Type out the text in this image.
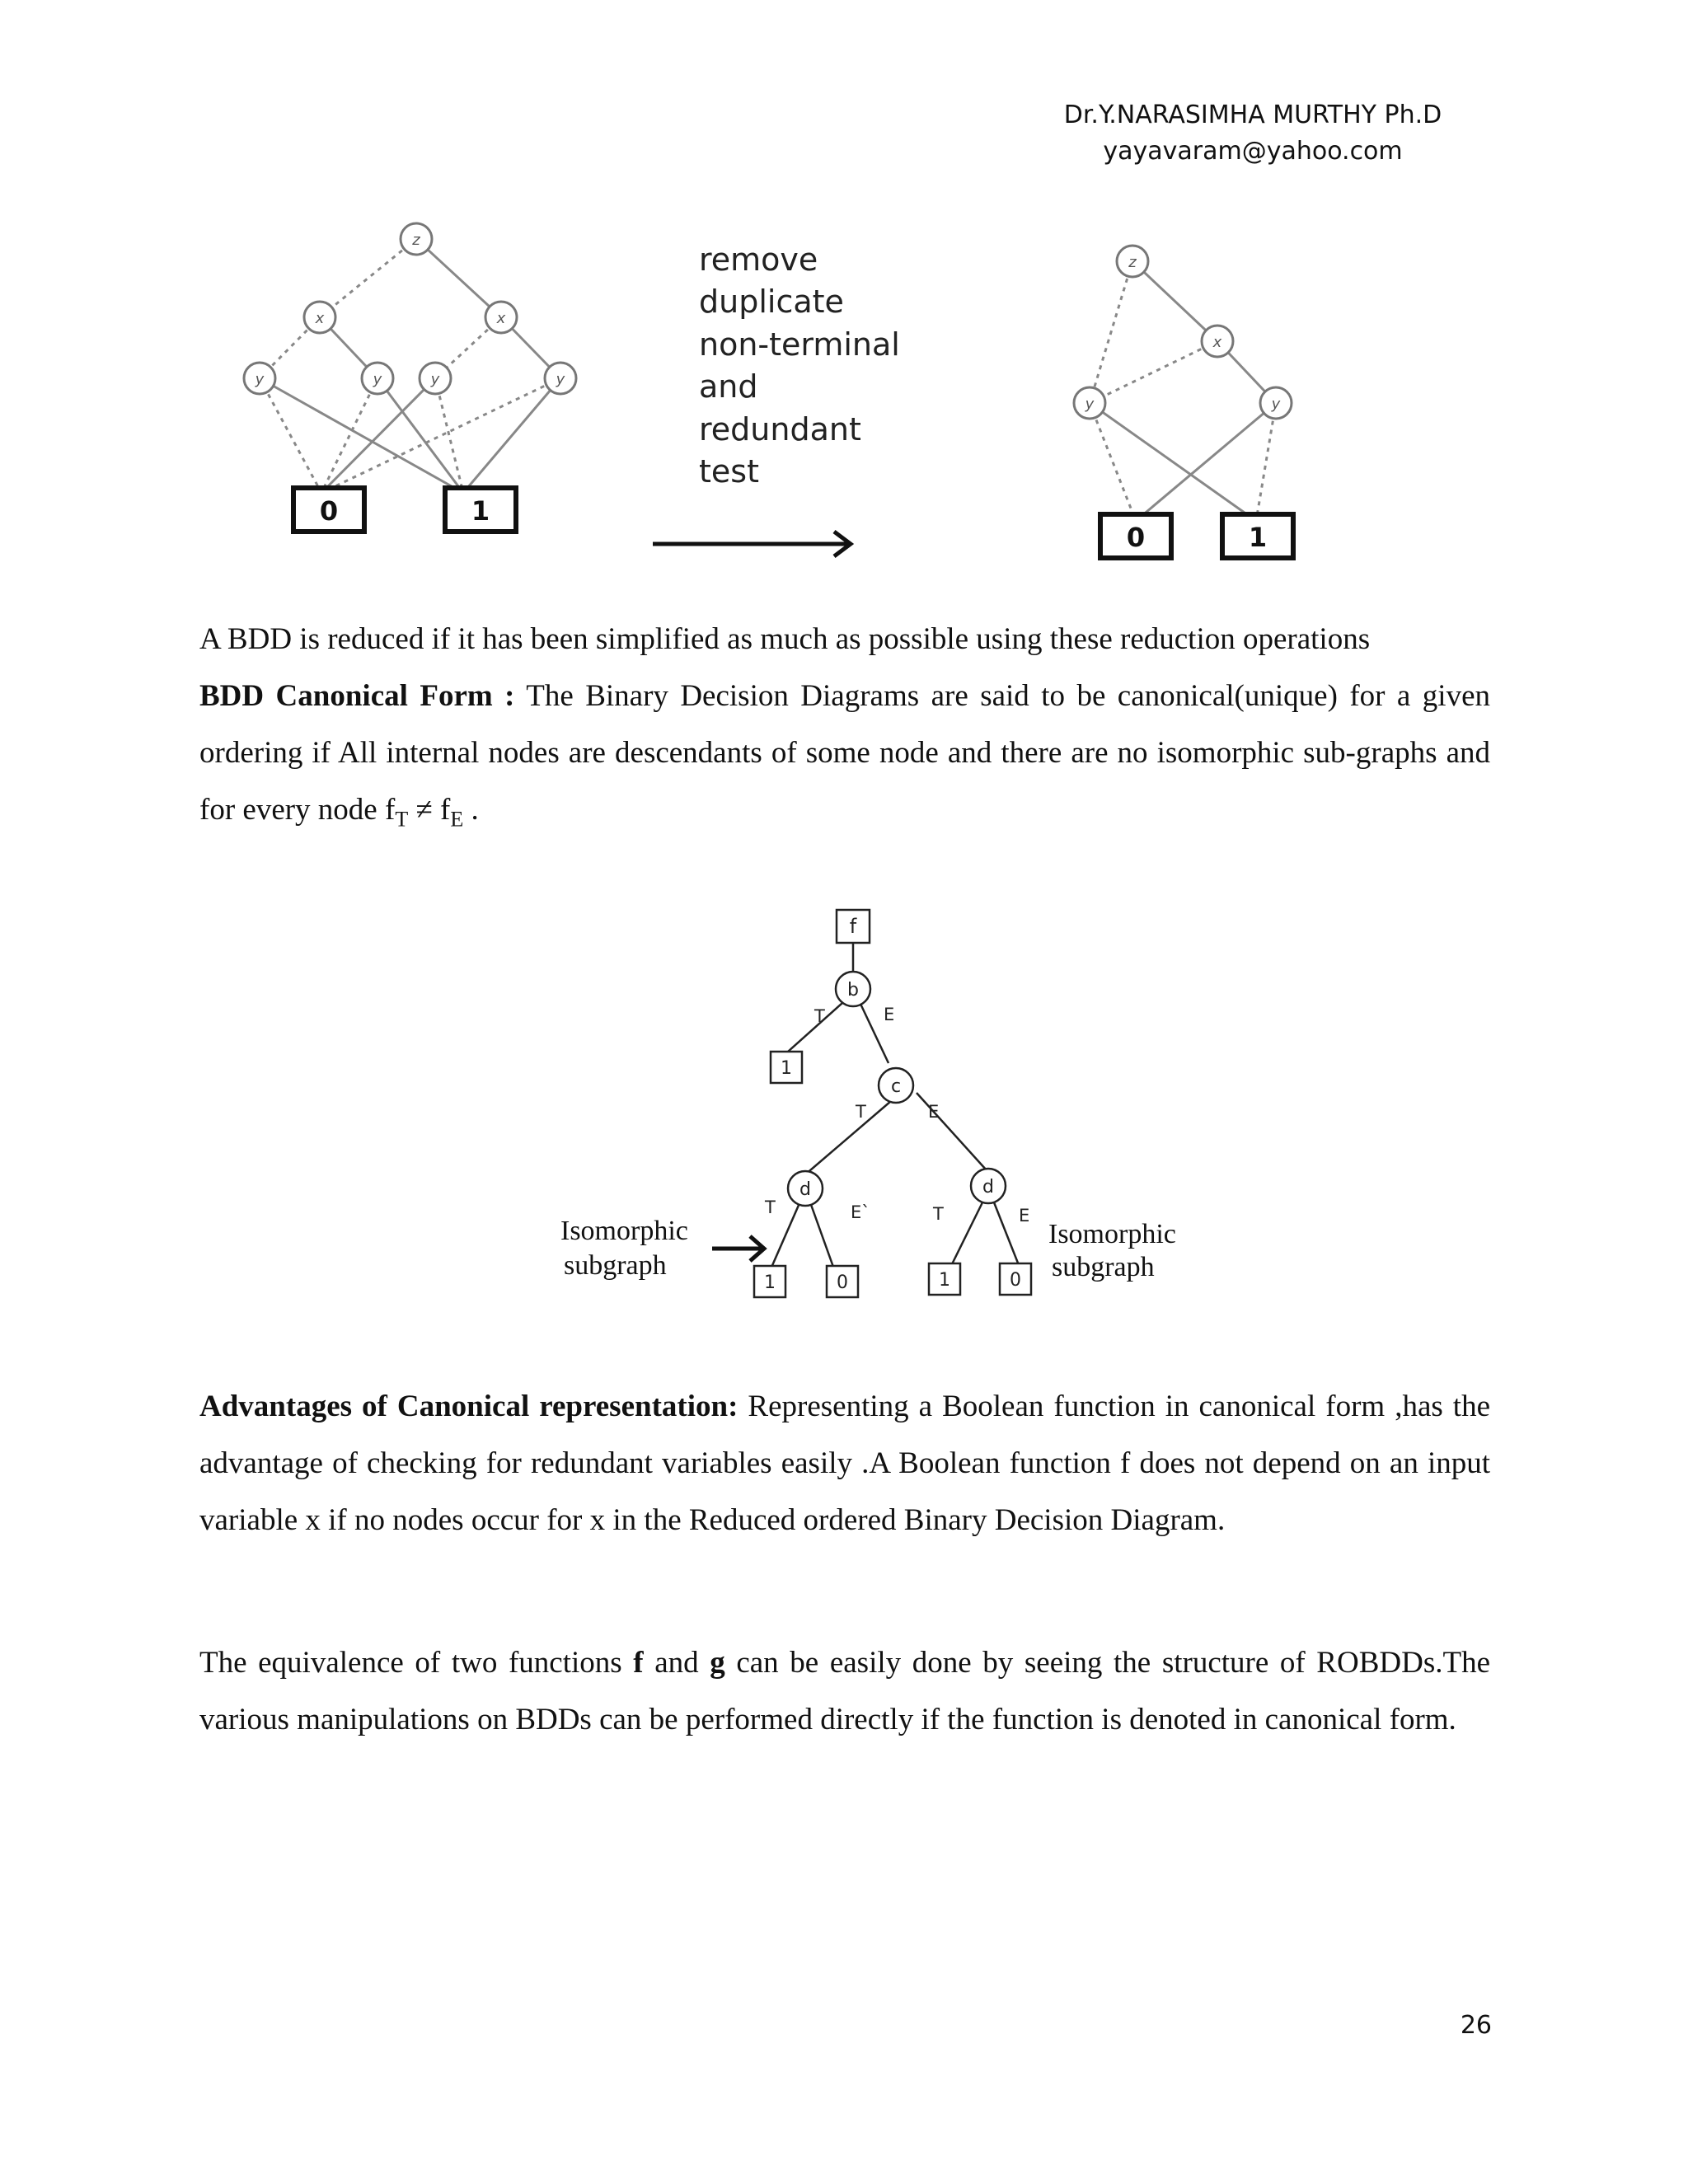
Dr.Y.NARASIMHA MURTHY Ph.D
yayavaram@yahoo.com
z
x	x
y	y	y	y
0	1
remove
duplicate
non-terminal
and
redundant
test
z
x
y	y
0	1
A BDD is reduced if it has been simplified as much as possible using these reduction operations
BDD Canonical Form : The Binary Decision Diagrams are said to be canonical(unique) for a given ordering if All internal nodes are descendants of some node and there are no isomorphic sub-graphs and for every node $f_T \ne f_E$ .
f
b
1
c
d	d
1	0	1	0
T	E
T	E
T	E`	T	E
Isomorphic
subgraph
Isomorphic
subgraph
Advantages of Canonical representation: Representing a Boolean function in canonical form ,has the advantage of checking for redundant variables easily .A Boolean function f does not depend on an input variable x if no nodes occur for x in the Reduced ordered Binary Decision Diagram.
The equivalence of two functions f and g can be easily done by seeing the structure of ROBDDs.The various manipulations on BDDs can be performed directly if the function is denoted in canonical form.
26
